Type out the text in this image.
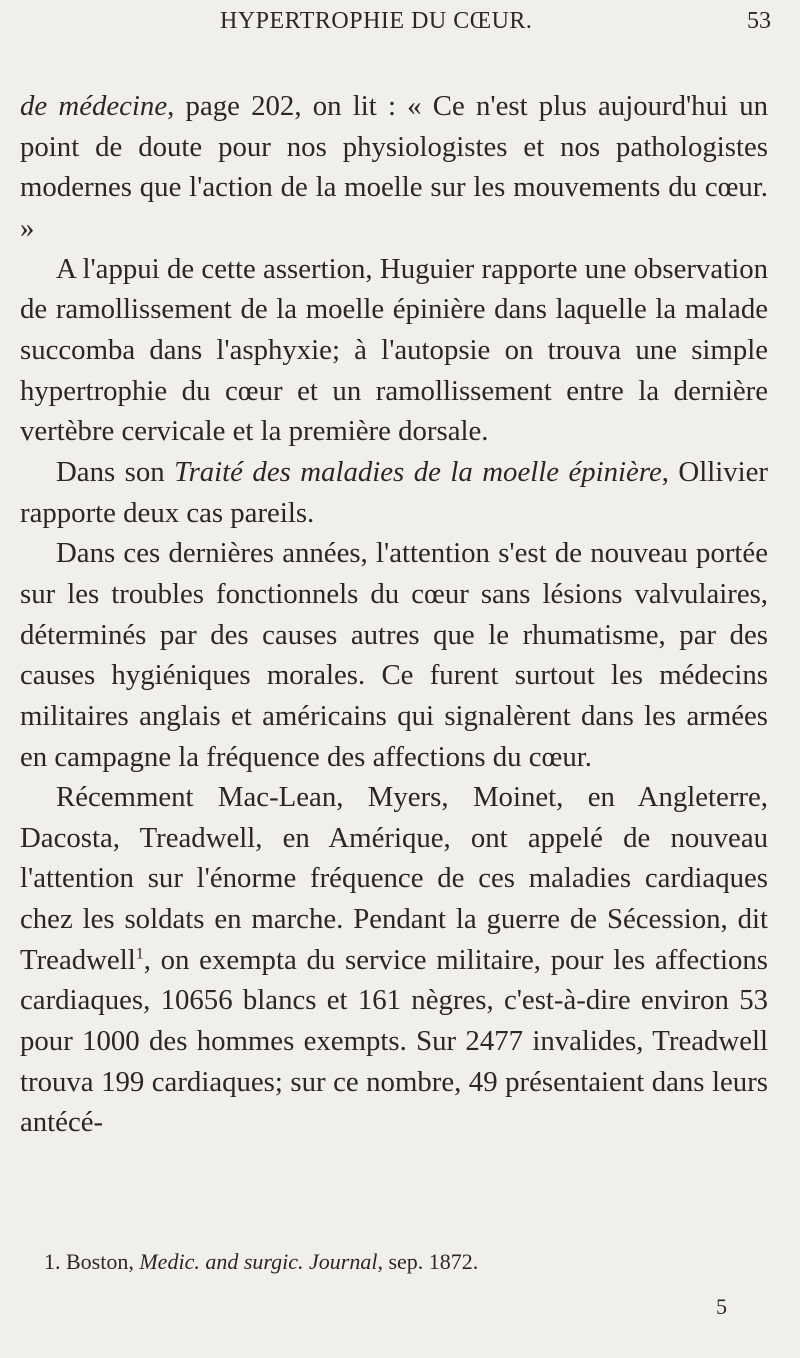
HYPERTROPHIE DU CŒUR.	53

de médecine, page 202, on lit : « Ce n'est plus aujourd'hui un point de doute pour nos physiologistes et nos pathologistes modernes que l'action de la moelle sur les mouvements du cœur. »

A l'appui de cette assertion, Huguier rapporte une observation de ramollissement de la moelle épinière dans laquelle la malade succomba dans l'asphyxie; à l'autopsie on trouva une simple hypertrophie du cœur et un ramollissement entre la dernière vertèbre cervicale et la première dorsale.

Dans son Traité des maladies de la moelle épinière, Ollivier rapporte deux cas pareils.

Dans ces dernières années, l'attention s'est de nouveau portée sur les troubles fonctionnels du cœur sans lésions valvulaires, déterminés par des causes autres que le rhumatisme, par des causes hygiéniques morales. Ce furent surtout les médecins militaires anglais et américains qui signalèrent dans les armées en campagne la fréquence des affections du cœur.

Récemment Mac-Lean, Myers, Moinet, en Angleterre, Dacosta, Treadwell, en Amérique, ont appelé de nouveau l'attention sur l'énorme fréquence de ces maladies cardiaques chez les soldats en marche. Pendant la guerre de Sécession, dit Treadwell$^1$, on exempta du service militaire, pour les affections cardiaques, 10656 blancs et 161 nègres, c'est-à-dire environ 53 pour 1000 des hommes exempts. Sur 2477 invalides, Treadwell trouva 199 cardiaques; sur ce nombre, 49 présentaient dans leurs antécé-

1. Boston, Medic. and surgic. Journal, sep. 1872.
5
